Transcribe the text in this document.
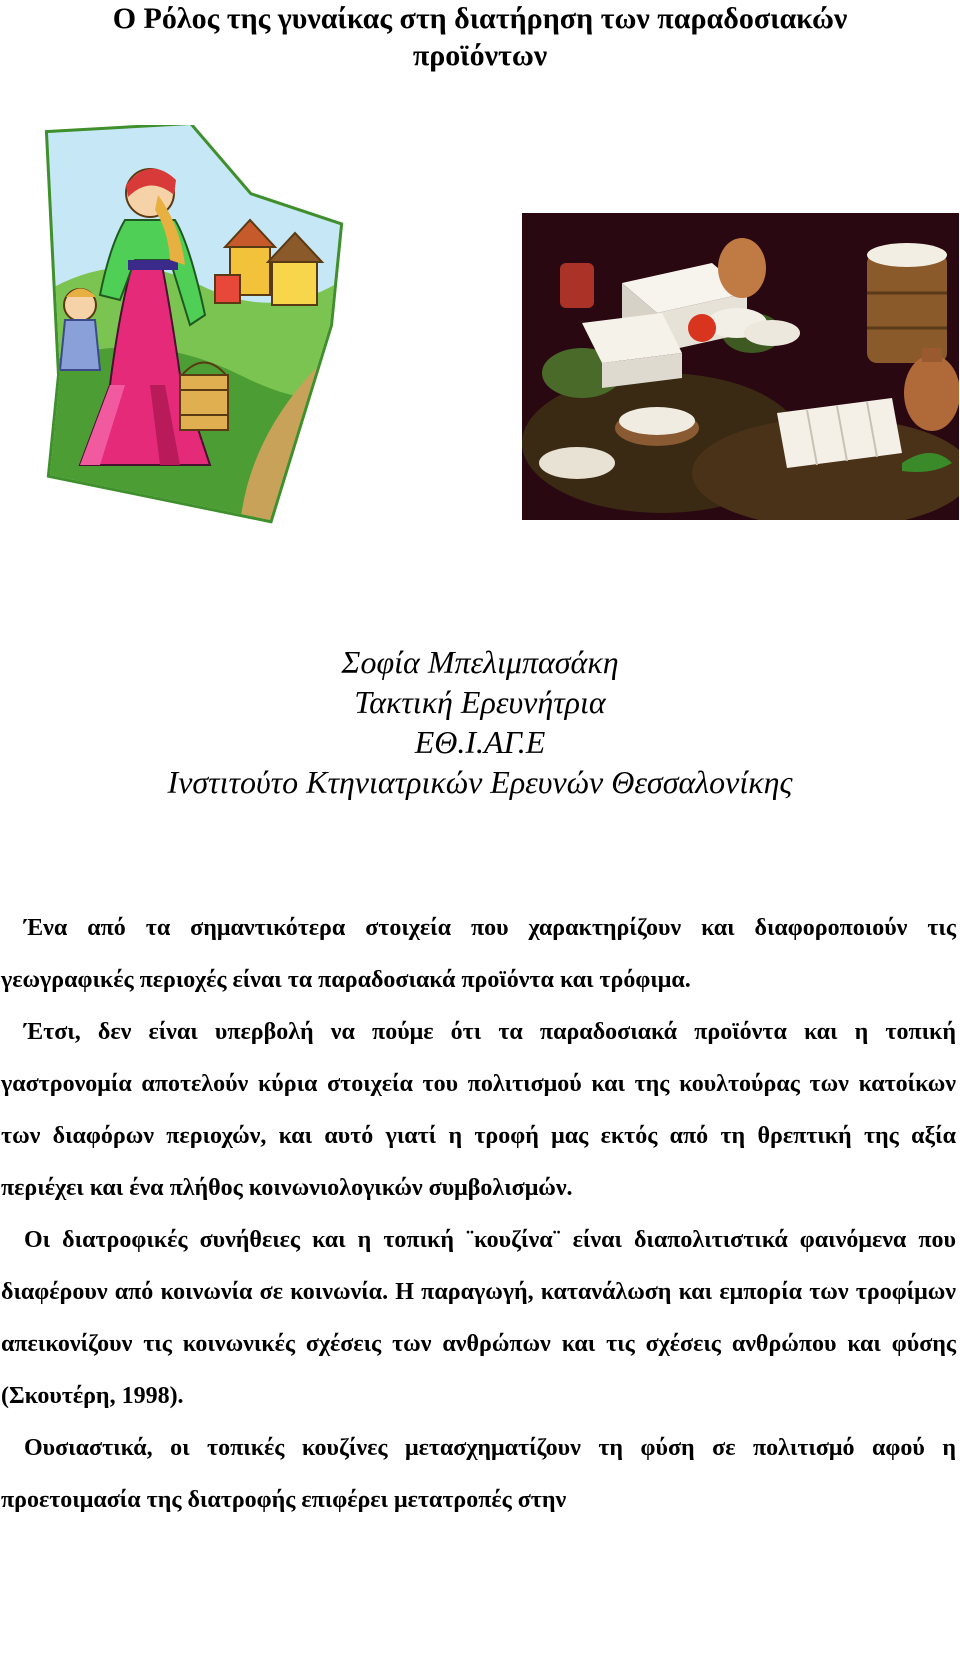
Ο Ρόλος της γυναίκας στη διατήρηση των παραδοσιακών
προϊόντων
Σοφία Μπελιμπασάκη
Τακτική Ερευνήτρια
ΕΘ.Ι.ΑΓ.Ε
Ινστιτούτο Κτηνιατρικών Ερευνών Θεσσαλονίκης

Ένα από τα σημαντικότερα στοιχεία που χαρακτηρίζουν και διαφοροποιούν τις γεωγραφικές περιοχές είναι τα παραδοσιακά προϊόντα και τρόφιμα.

Έτσι, δεν είναι υπερβολή να πούμε ότι τα παραδοσιακά προϊόντα και η τοπική γαστρονομία αποτελούν κύρια στοιχεία του πολιτισμού και της κουλτούρας των κατοίκων των διαφόρων περιοχών, και αυτό γιατί η τροφή μας εκτός από τη θρεπτική της αξία περιέχει και ένα πλήθος κοινωνιολογικών συμβολισμών.

Οι διατροφικές συνήθειες και η τοπική ¨κουζίνα¨ είναι διαπολιτιστικά φαινόμενα που διαφέρουν από κοινωνία σε κοινωνία. Η παραγωγή, κατανάλωση και εμπορία των τροφίμων απεικονίζουν τις κοινωνικές σχέσεις των ανθρώπων και τις σχέσεις ανθρώπου και φύσης (Σκουτέρη, 1998).

Ουσιαστικά, οι τοπικές κουζίνες μετασχηματίζουν τη φύση σε πολιτισμό αφού η προετοιμασία της διατροφής επιφέρει μετατροπές στην
